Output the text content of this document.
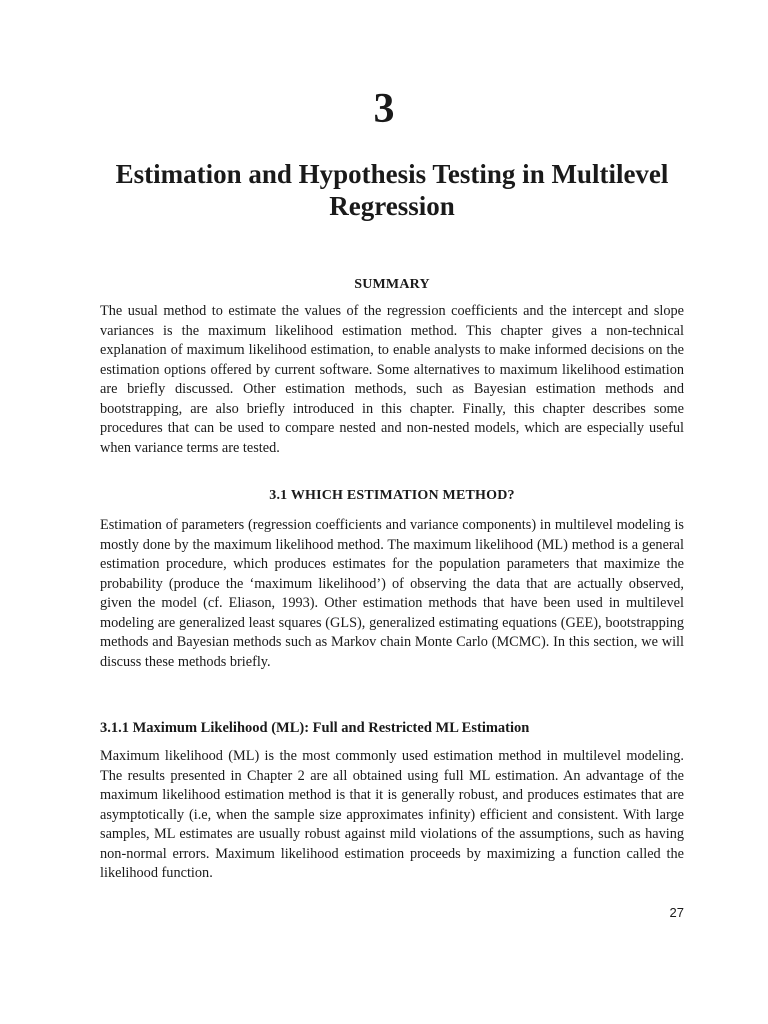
3
Estimation and Hypothesis Testing in Multilevel Regression
SUMMARY

The usual method to estimate the values of the regression coefficients and the intercept and slope variances is the maximum likelihood estimation method. This chapter gives a non-technical explanation of maximum likelihood estimation, to enable analysts to make informed decisions on the estimation options offered by current software. Some alternatives to maximum likelihood estimation are briefly discussed. Other estimation methods, such as Bayesian estimation methods and bootstrapping, are also briefly introduced in this chapter. Finally, this chapter describes some procedures that can be used to compare nested and non-nested models, which are especially useful when variance terms are tested.

3.1 WHICH ESTIMATION METHOD?

Estimation of parameters (regression coefficients and variance components) in multilevel modeling is mostly done by the maximum likelihood method. The maximum likelihood (ML) method is a general estimation procedure, which produces estimates for the population parameters that maximize the probability (produce the ‘maximum likelihood’) of observing the data that are actually observed, given the model (cf. Eliason, 1993). Other estimation methods that have been used in multilevel modeling are generalized least squares (GLS), generalized estimating equations (GEE), bootstrapping methods and Bayesian methods such as Markov chain Monte Carlo (MCMC). In this section, we will discuss these methods briefly.

3.1.1 Maximum Likelihood (ML): Full and Restricted ML Estimation

Maximum likelihood (ML) is the most commonly used estimation method in multilevel modeling. The results presented in Chapter 2 are all obtained using full ML estimation. An advantage of the maximum likelihood estimation method is that it is generally robust, and produces estimates that are asymptotically (i.e, when the sample size approximates infinity) efficient and consistent. With large samples, ML estimates are usually robust against mild violations of the assumptions, such as having non-normal errors. Maximum likelihood estimation proceeds by maximizing a function called the likelihood function.

27
